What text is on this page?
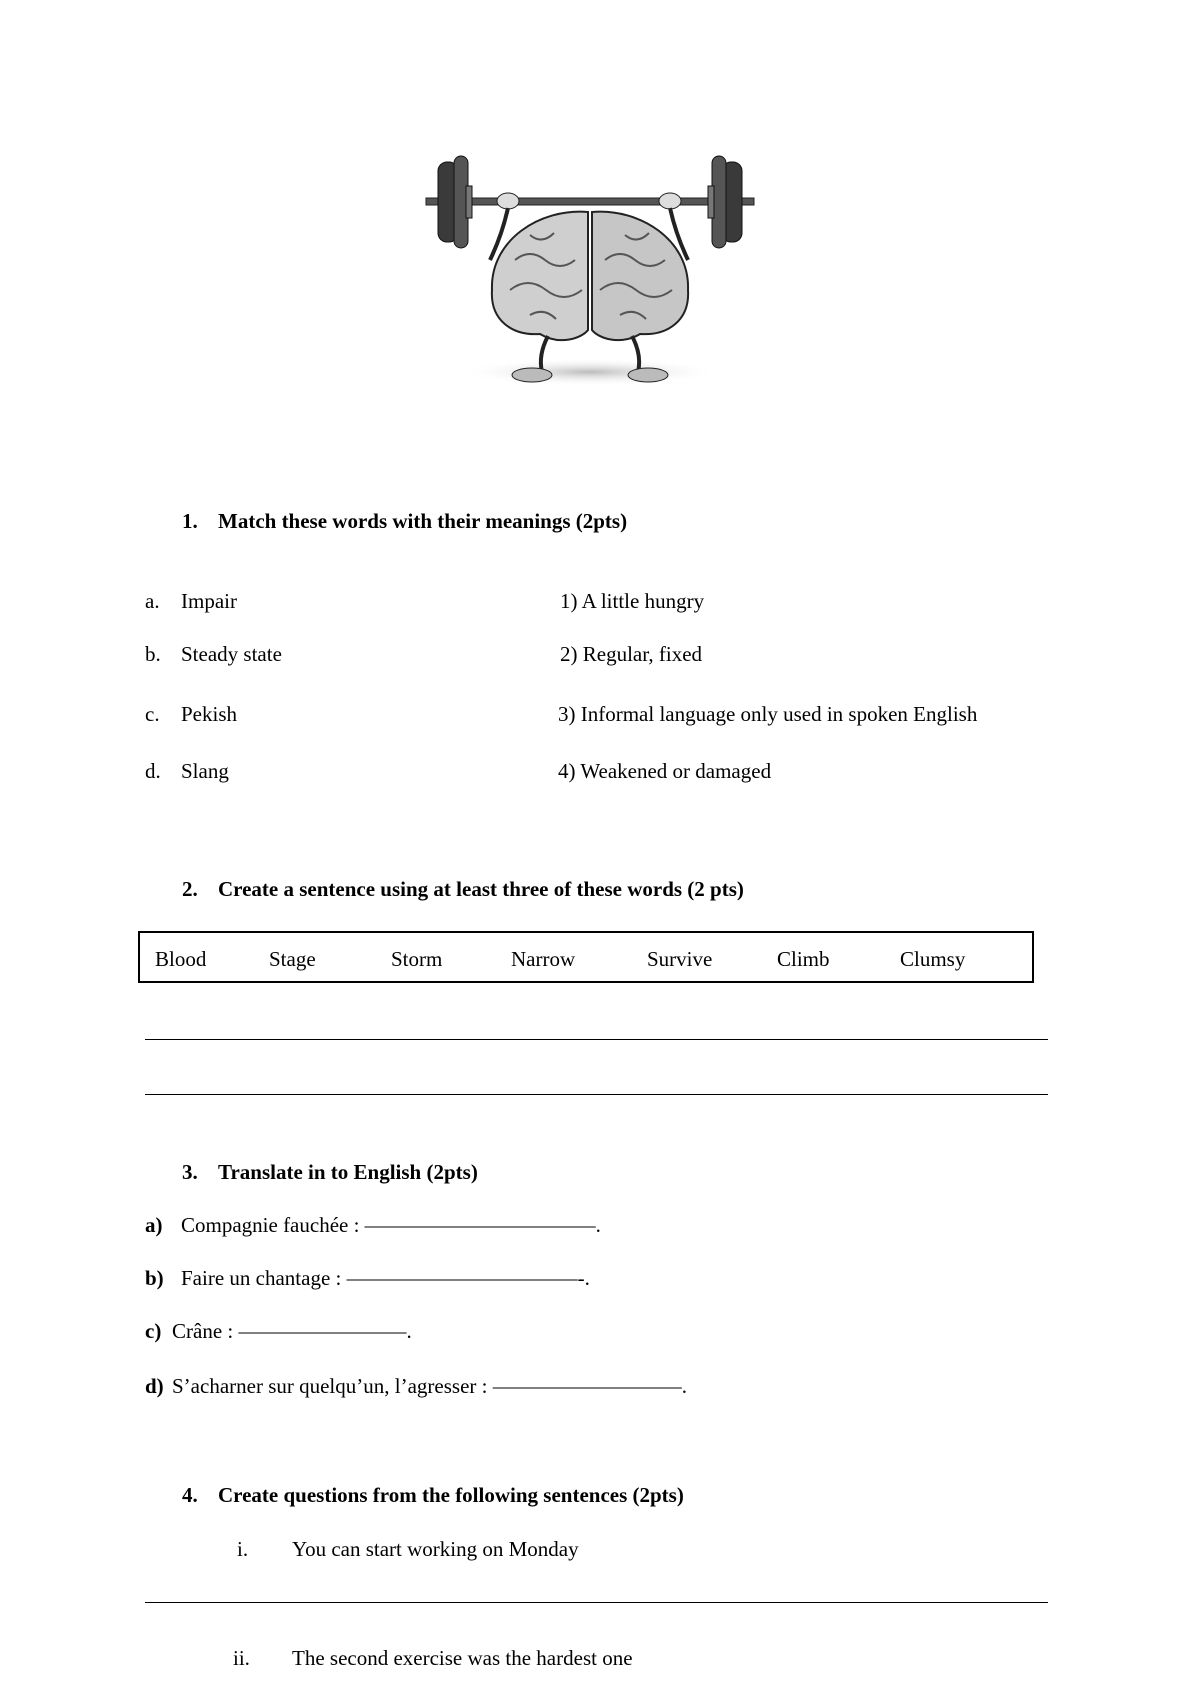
1. Match these words with their meanings (2pts)
a. Impair	1) A little hungry
b. Steady state	2) Regular, fixed
c. Pekish	3) Informal language only used in spoken English
d. Slang	4) Weakened or damaged
2. Create a sentence using at least three of these words (2 pts)
Blood	Stage	Storm	Narrow	Survive	Climb	Clumsy
3. Translate in to English (2pts)
a) Compagnie fauchée : ———————————.
b) Faire un chantage : ———————————-.
c) Crâne : ————————.
d) S’acharner sur quelqu’un, l’agresser : —————————.
4. Create questions from the following sentences (2pts)
i. You can start working on Monday
ii. The second exercise was the hardest one
